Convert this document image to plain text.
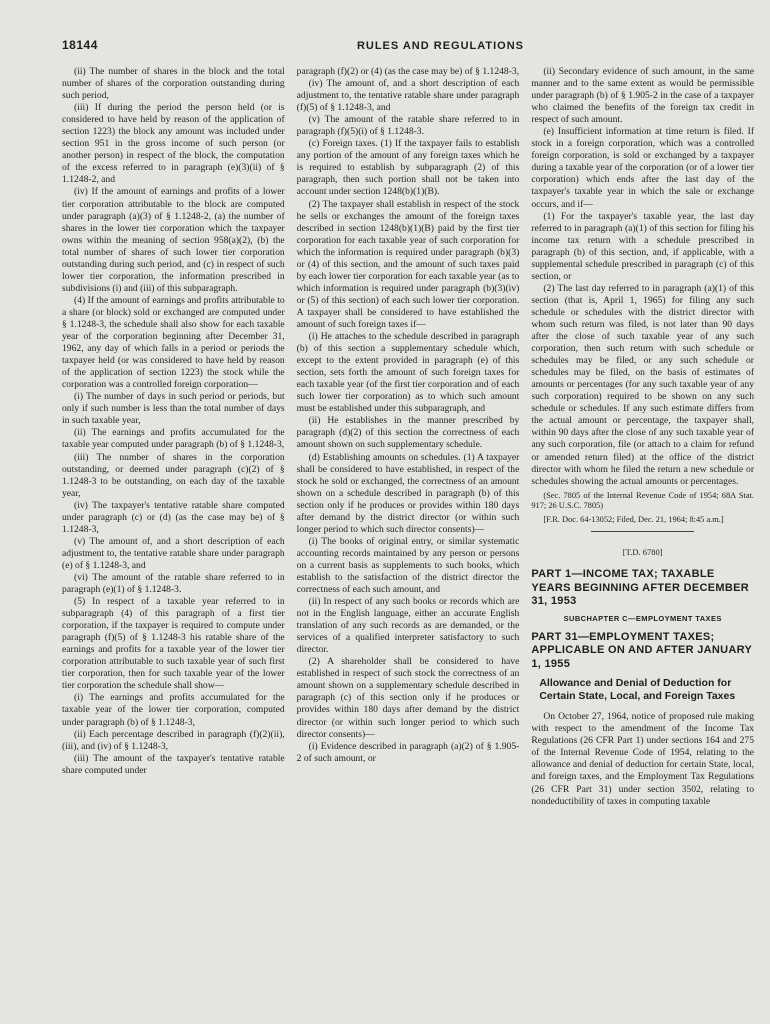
18144	RULES AND REGULATIONS

(ii) The number of shares in the block and the total number of shares of the corporation outstanding during such period,

(iii) If during the period the person held (or is considered to have held by reason of the application of section 1223) the block any amount was included under section 951 in the gross income of such person (or another person) in respect of the block, the computation of the excess referred to in paragraph (e)(3)(ii) of § 1.1248-2, and

(iv) If the amount of earnings and profits of a lower tier corporation attributable to the block are computed under paragraph (a)(3) of § 1.1248-2, (a) the number of shares in the lower tier corporation which the taxpayer owns within the meaning of section 958(a)(2), (b) the total number of shares of such lower tier corporation outstanding during such period, and (c) in respect of such lower tier corporation, the information prescribed in subdivisions (i) and (iii) of this subparagraph.

(4) If the amount of earnings and profits attributable to a share (or block) sold or exchanged are computed under § 1.1248-3, the schedule shall also show for each taxable year of the corporation beginning after December 31, 1962, any day of which falls in a period or periods the taxpayer held (or was considered to have held by reason of the application of section 1223) the stock while the corporation was a controlled foreign corporation—

(i) The number of days in such period or periods, but only if such number is less than the total number of days in such taxable year,

(ii) The earnings and profits accumulated for the taxable year computed under paragraph (b) of § 1.1248-3,

(iii) The number of shares in the corporation outstanding, or deemed under paragraph (c)(2) of § 1.1248-3 to be outstanding, on each day of the taxable year,

(iv) The taxpayer's tentative ratable share computed under paragraph (c) or (d) (as the case may be) of § 1.1248-3,

(v) The amount of, and a short description of each adjustment to, the tentative ratable share under paragraph (e) of § 1.1248-3, and

(vi) The amount of the ratable share referred to in paragraph (e)(1) of § 1.1248-3.

(5) In respect of a taxable year referred to in subparagraph (4) of this paragraph of a first tier corporation, if the taxpayer is required to compute under paragraph (f)(5) of § 1.1248-3 his ratable share of the earnings and profits for a taxable year of the lower tier corporation attributable to such taxable year of such first tier corporation, then for such taxable year of the lower tier corporation the schedule shall show—

(i) The earnings and profits accumulated for the taxable year of the lower tier corporation, computed under paragraph (b) of § 1.1248-3,

(ii) Each percentage described in paragraph (f)(2)(ii), (iii), and (iv) of § 1.1248-3,

(iii) The amount of the taxpayer's tentative ratable share computed under

paragraph (f)(2) or (4) (as the case may be) of § 1.1248-3,

(iv) The amount of, and a short description of each adjustment to, the tentative ratable share under paragraph (f)(5) of § 1.1248-3, and

(v) The amount of the ratable share referred to in paragraph (f)(5)(i) of § 1.1248-3.

(c) Foreign taxes. (1) If the taxpayer fails to establish any portion of the amount of any foreign taxes which he is required to establish by subparagraph (2) of this paragraph, then such portion shall not be taken into account under section 1248(b)(1)(B).

(2) The taxpayer shall establish in respect of the stock he sells or exchanges the amount of the foreign taxes described in section 1248(b)(1)(B) paid by the first tier corporation for each taxable year of such corporation for which the information is required under paragraph (b)(3) or (4) of this section, and the amount of such taxes paid by each lower tier corporation for each taxable year (as to which information is required under paragraph (b)(3)(iv) or (5) of this section) of each such lower tier corporation. A taxpayer shall be considered to have established the amount of such foreign taxes if—

(i) He attaches to the schedule described in paragraph (b) of this section a supplementary schedule which, except to the extent provided in paragraph (e) of this section, sets forth the amount of such foreign taxes for each taxable year (of the first tier corporation and of each such lower tier corporation) as to which such amount must be established under this subparagraph, and

(ii) He establishes in the manner prescribed by paragraph (d)(2) of this section the correctness of each amount shown on such supplementary schedule.

(d) Establishing amounts on schedules. (1) A taxpayer shall be considered to have established, in respect of the stock he sold or exchanged, the correctness of an amount shown on a schedule described in paragraph (b) of this section only if he produces or provides within 180 days after demand by the district director (or within such longer period to which such director consents)—

(i) The books of original entry, or similar systematic accounting records maintained by any person or persons on a current basis as supplements to such books, which establish to the satisfaction of the district director the correctness of each such amount, and

(ii) In respect of any such books or records which are not in the English language, either an accurate English translation of any such records as are demanded, or the services of a qualified interpreter satisfactory to such director.

(2) A shareholder shall be considered to have established in respect of such stock the correctness of an amount shown on a supplementary schedule described in paragraph (c) of this section only if he produces or provides within 180 days after demand by the district director (or within such longer period to which such director consents)—

(i) Evidence described in paragraph (a)(2) of § 1.905-2 of such amount, or

(ii) Secondary evidence of such amount, in the same manner and to the same extent as would be permissible under paragraph (b) of § 1.905-2 in the case of a taxpayer who claimed the benefits of the foreign tax credit in respect of such amount.

(e) Insufficient information at time return is filed. If stock in a foreign corporation, which was a controlled foreign corporation, is sold or exchanged by a taxpayer during a taxable year of the corporation (or of a lower tier corporation) which ends after the last day of the taxpayer's taxable year in which the sale or exchange occurs, and if—

(1) For the taxpayer's taxable year, the last day referred to in paragraph (a)(1) of this section for filing his income tax return with a schedule prescribed in paragraph (b) of this section, and, if applicable, with a supplemental schedule prescribed in paragraph (c) of this section, or

(2) The last day referred to in paragraph (a)(1) of this section (that is, April 1, 1965) for filing any such schedule or schedules with the district director with whom such return was filed, is not later than 90 days after the close of such taxable year of any such corporation, then such return with such schedule or schedules may be filed, or any such schedule or schedules may be filed, on the basis of estimates of amounts or percentages (for any such taxable year of any such corporation) required to be shown on any such schedule or schedules. If any such estimate differs from the actual amount or percentage, the taxpayer shall, within 90 days after the close of any such taxable year of any such corporation, file (or attach to a claim for refund or amended return filed) at the office of the district director with whom he filed the return a new schedule or schedules showing the actual amounts or percentages.

(Sec. 7805 of the Internal Revenue Code of 1954; 68A Stat. 917; 26 U.S.C. 7805)

[F.R. Doc. 64-13052; Filed, Dec. 21, 1964; 8:45 a.m.]

[T.D. 6780]

PART 1—INCOME TAX; TAXABLE YEARS BEGINNING AFTER DECEMBER 31, 1953

SUBCHAPTER C—EMPLOYMENT TAXES

PART 31—EMPLOYMENT TAXES; APPLICABLE ON AND AFTER JANUARY 1, 1955

Allowance and Denial of Deduction for Certain State, Local, and Foreign Taxes

On October 27, 1964, notice of proposed rule making with respect to the amendment of the Income Tax Regulations (26 CFR Part 1) under sections 164 and 275 of the Internal Revenue Code of 1954, relating to the allowance and denial of deduction for certain State, local, and foreign taxes, and the Employment Tax Regulations (26 CFR Part 31) under section 3502, relating to nondeductibility of taxes in computing taxable
